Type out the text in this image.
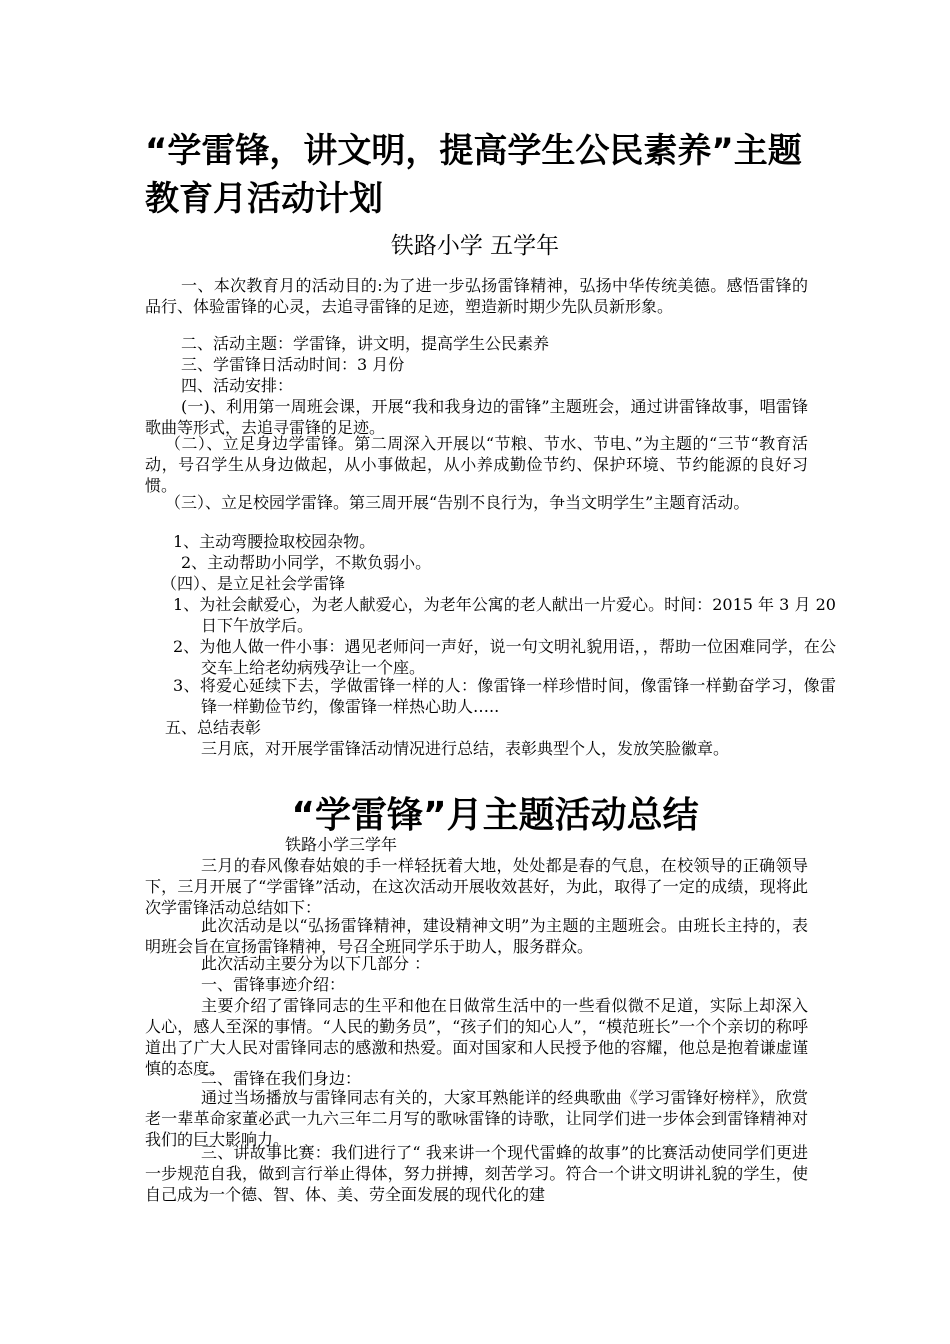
“学雷锋，讲文明，提高学生公民素养”主题教育月活动计划
铁路小学 五学年

一、本次教育月的活动目的:为了进一步弘扬雷锋精神，弘扬中华传统美德。感悟雷锋的品行、体验雷锋的心灵，去追寻雷锋的足迹，塑造新时期少先队员新形象。

二、活动主题：学雷锋，讲文明，提高学生公民素养

三、学雷锋日活动时间：3 月份

四、活动安排：

(一)、利用第一周班会课，开展“我和我身边的雷锋”主题班会，通过讲雷锋故事，唱雷锋歌曲等形式，去追寻雷锋的足迹。

（二）、立足身边学雷锋。第二周深入开展以“节粮、节水、节电、”为主题的“三节“教育活动，号召学生从身边做起，从小事做起，从小养成勤俭节约、保护环境、节约能源的良好习惯。

（三）、立足校园学雷锋。第三周开展“告别不良行为，争当文明学生”主题育活动。

1、主动弯腰捡取校园杂物。

2、主动帮助小同学，不欺负弱小。

（四）、是立足社会学雷锋

1、为社会献爱心，为老人献爱心，为老年公寓的老人献出一片爱心。时间：2015 年 3 月 20 日下午放学后。

2、为他人做一件小事：遇见老师问一声好，说一句文明礼貌用语，，帮助一位困难同学，在公交车上给老幼病残孕让一个座。

3、将爱心延续下去，学做雷锋一样的人：像雷锋一样珍惜时间，像雷锋一样勤奋学习，像雷锋一样勤俭节约，像雷锋一样热心助人…..

五、总结表彰

三月底，对开展学雷锋活动情况进行总结，表彰典型个人，发放笑脸徽章。

“学雷锋”月主题活动总结
铁路小学三学年

三月的春风像春姑娘的手一样轻抚着大地，处处都是春的气息，在校领导的正确领导下，三月开展了“学雷锋”活动，在这次活动开展收效甚好，为此，取得了一定的成绩，现将此次学雷锋活动总结如下：

此次活动是以“弘扬雷锋精神，建设精神文明”为主题的主题班会。由班长主持的，表明班会旨在宣扬雷锋精神，号召全班同学乐于助人，服务群众。

此次活动主要分为以下几部分 ：

一、雷锋事迹介绍：

主要介绍了雷锋同志的生平和他在日做常生活中的一些看似微不足道，实际上却深入人心，感人至深的事情。“人民的勤务员”，“孩子们的知心人”，“模范班长”一个个亲切的称呼道出了广大人民对雷锋同志的感激和热爱。面对国家和人民授予他的容耀，他总是抱着谦虚谨慎的态度。

二、雷锋在我们身边：

通过当场播放与雷锋同志有关的，大家耳熟能详的经典歌曲《学习雷锋好榜样》，欣赏老一辈革命家董必武一九六三年二月写的歌咏雷锋的诗歌，让同学们进一步体会到雷锋精神对我们的巨大影响力。

三、讲故事比赛：我们进行了“ 我来讲一个现代雷蜂的故事”的比赛活动使同学们更进一步规范自我，做到言行举止得体，努力拼搏，刻苦学习。符合一个讲文明讲礼貌的学生，使自己成为一个德、智、体、美、劳全面发展的现代化的建
